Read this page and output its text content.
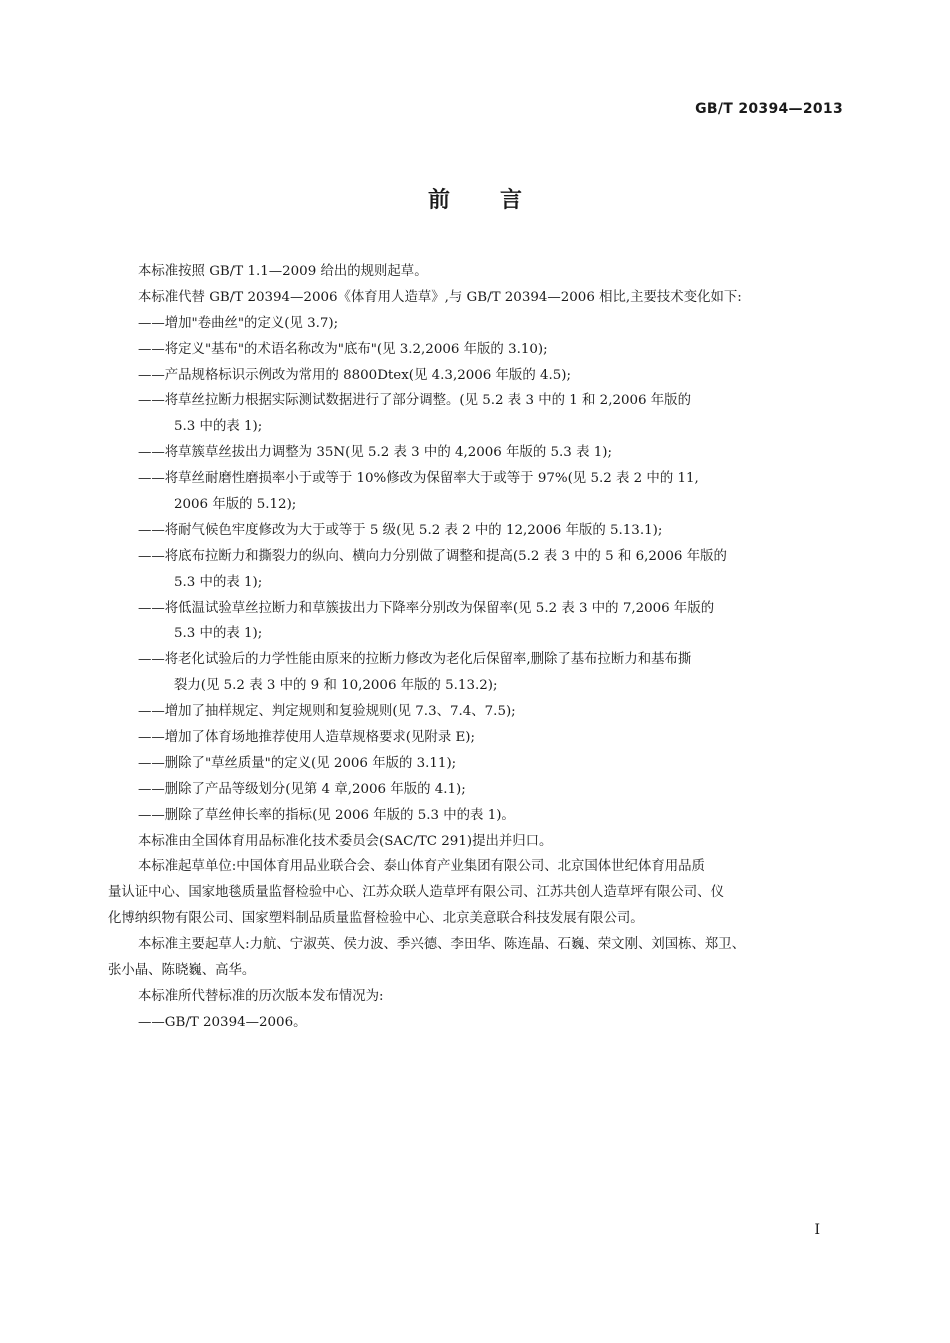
GB/T 20394—2013

前言

本标准按照 GB/T 1.1—2009 给出的规则起草。

本标准代替 GB/T 20394—2006《体育用人造草》,与 GB/T 20394—2006 相比,主要技术变化如下:

——增加"卷曲丝"的定义(见 3.7);

——将定义"基布"的术语名称改为"底布"(见 3.2,2006 年版的 3.10);

——产品规格标识示例改为常用的 8800Dtex(见 4.3,2006 年版的 4.5);

——将草丝拉断力根据实际测试数据进行了部分调整。(见 5.2 表 3 中的 1 和 2,2006 年版的

5.3 中的表 1);

——将草簇草丝拔出力调整为 35N(见 5.2 表 3 中的 4,2006 年版的 5.3 表 1);

——将草丝耐磨性磨损率小于或等于 10%修改为保留率大于或等于 97%(见 5.2 表 2 中的 11,

2006 年版的 5.12);

——将耐气候色牢度修改为大于或等于 5 级(见 5.2 表 2 中的 12,2006 年版的 5.13.1);

——将底布拉断力和撕裂力的纵向、横向力分别做了调整和提高(5.2 表 3 中的 5 和 6,2006 年版的

5.3 中的表 1);

——将低温试验草丝拉断力和草簇拔出力下降率分别改为保留率(见 5.2 表 3 中的 7,2006 年版的

5.3 中的表 1);

——将老化试验后的力学性能由原来的拉断力修改为老化后保留率,删除了基布拉断力和基布撕

裂力(见 5.2 表 3 中的 9 和 10,2006 年版的 5.13.2);

——增加了抽样规定、判定规则和复验规则(见 7.3、7.4、7.5);

——增加了体育场地推荐使用人造草规格要求(见附录 E);

——删除了"草丝质量"的定义(见 2006 年版的 3.11);

——删除了产品等级划分(见第 4 章,2006 年版的 4.1);

——删除了草丝伸长率的指标(见 2006 年版的 5.3 中的表 1)。

本标准由全国体育用品标准化技术委员会(SAC/TC 291)提出并归口。

本标准起草单位:中国体育用品业联合会、泰山体育产业集团有限公司、北京国体世纪体育用品质

量认证中心、国家地毯质量监督检验中心、江苏众联人造草坪有限公司、江苏共创人造草坪有限公司、仪

化博纳织物有限公司、国家塑料制品质量监督检验中心、北京美意联合科技发展有限公司。

本标准主要起草人:力航、宁淑英、侯力波、季兴德、李田华、陈连晶、石巍、荣文刚、刘国栋、郑卫、

张小晶、陈晓巍、高华。

本标准所代替标准的历次版本发布情况为:

——GB/T 20394—2006。

I
